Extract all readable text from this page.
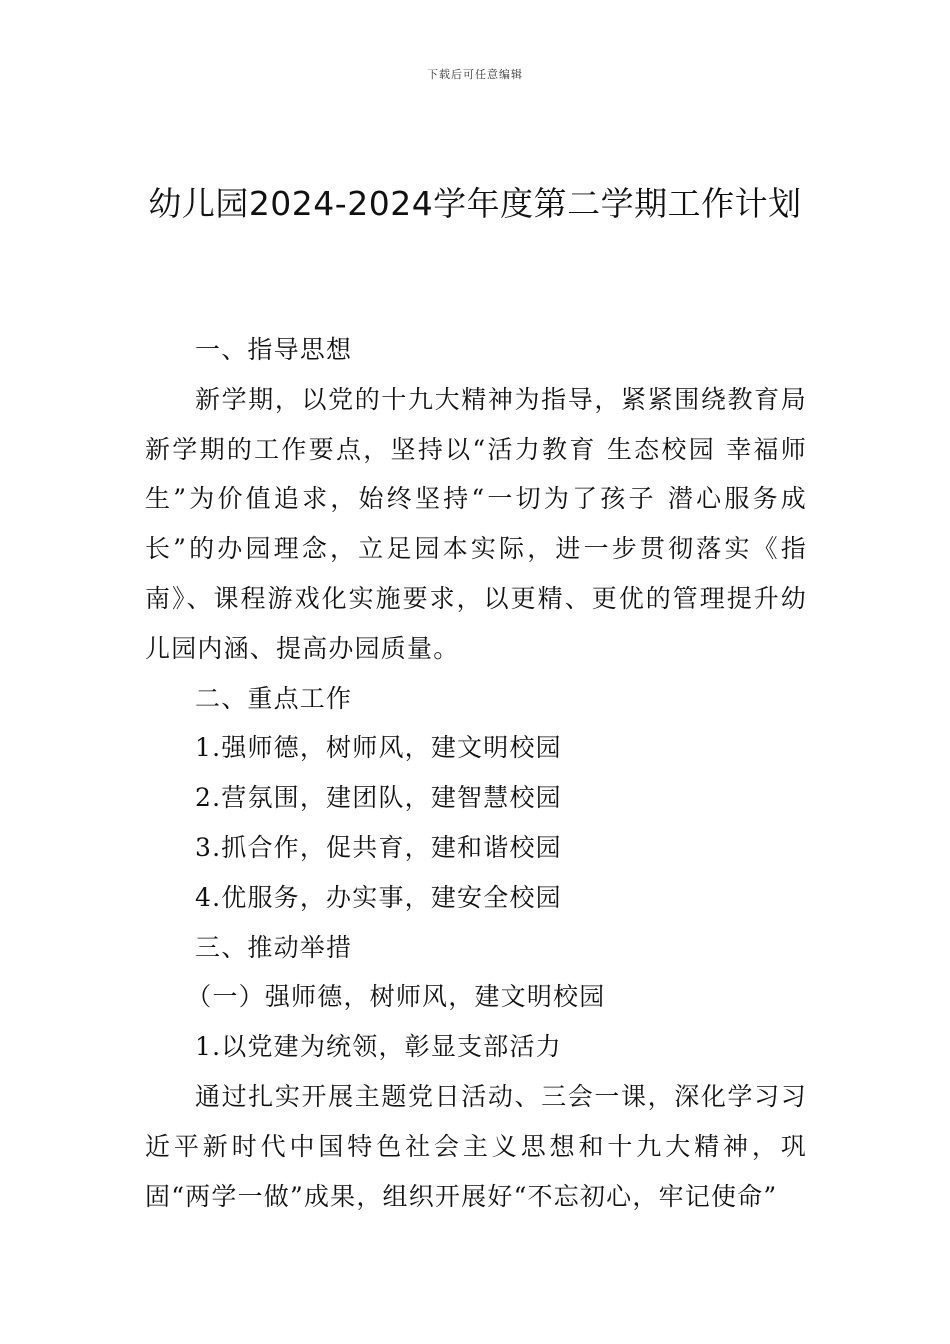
下载后可任意编辑
幼儿园2024-2024学年度第二学期工作计划

一、指导思想

新学期，以党的十九大精神为指导，紧紧围绕教育局新学期的工作要点，坚持以“活力教育 生态校园 幸福师生”为价值追求，始终坚持“一切为了孩子 潜心服务成长”的办园理念，立足园本实际，进一步贯彻落实《指南》、课程游戏化实施要求，以更精、更优的管理提升幼儿园内涵、提高办园质量。

二、重点工作

1.强师德，树师风，建文明校园

2.营氛围，建团队，建智慧校园

3.抓合作，促共育，建和谐校园

4.优服务，办实事，建安全校园

三、推动举措

（一）强师德，树师风，建文明校园

1.以党建为统领，彰显支部活力

通过扎实开展主题党日活动、三会一课，深化学习习近平新时代中国特色社会主义思想和十九大精神，巩固“两学一做”成果，组织开展好“不忘初心，牢记使命”
